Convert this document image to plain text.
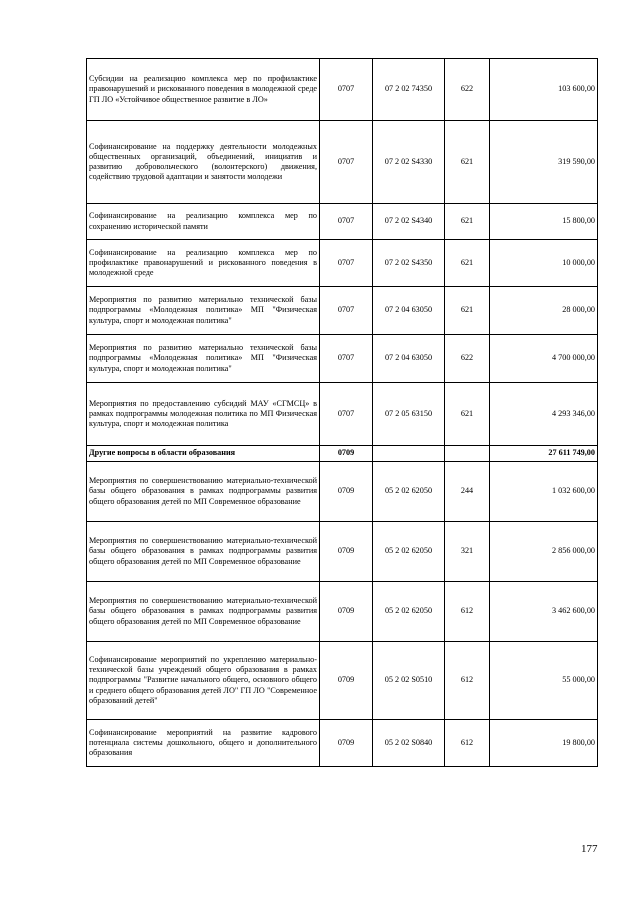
Субсидии на реализацию комплекса мер по профилактике правонарушений и рискованного поведения в молодежной среде ГП ЛО «Устойчивое общественное развитие в ЛО»	0707	07 2 02 74350	622	103 600,00
Софинансирование на поддержку деятельности молодежных общественных организаций, объединений, инициатив и развитию добровольческого (волонтерского) движения, содействию трудовой адаптации и занятости молодежи	0707	07 2 02 S4330	621	319 590,00
Софинансирование на реализацию комплекса мер по сохранению исторической памяти	0707	07 2 02 S4340	621	15 800,00
Софинансирование на реализацию комплекса мер по профилактике правонарушений и рискованного поведения в молодежной среде	0707	07 2 02 S4350	621	10 000,00
Мероприятия по развитию материально технической базы подпрограммы «Молодежная политика» МП "Физическая культура, спорт и молодежная политика"	0707	07 2 04 63050	621	28 000,00
Мероприятия по развитию материально технической базы подпрограммы «Молодежная политика» МП "Физическая культура, спорт и молодежная политика"	0707	07 2 04 63050	622	4 700 000,00
Мероприятия по предоставлению субсидий МАУ «СГМСЦ» в рамках подпрограммы молодежная политика по МП Физическая культура, спорт и молодежная политика	0707	07 2 05 63150	621	4 293 346,00
Другие вопросы в области образования	0709			27 611 749,00
Мероприятия по совершенствованию материально-технической базы общего образования в рамках подпрограммы развития общего образования детей по МП Современное образование	0709	05 2 02 62050	244	1 032 600,00
Мероприятия по совершенствованию материально-технической базы общего образования в рамках подпрограммы развития общего образования детей по МП Современное образование	0709	05 2 02 62050	321	2 856 000,00
Мероприятия по совершенствованию материально-технической базы общего образования в рамках подпрограммы развития общего образования детей по МП Современное образование	0709	05 2 02 62050	612	3 462 600,00
Софинансирование мероприятий по укреплению материально-технической базы учреждений общего образования в рамках подпрограммы "Развитие начального общего, основного общего и среднего общего образования детей ЛО" ГП ЛО "Современное образований детей"	0709	05 2 02 S0510	612	55 000,00
Софинансирование мероприятий на развитие кадрового потенциала системы дошкольного, общего и дополнительного образования	0709	05 2 02 S0840	612	19 800,00
177
